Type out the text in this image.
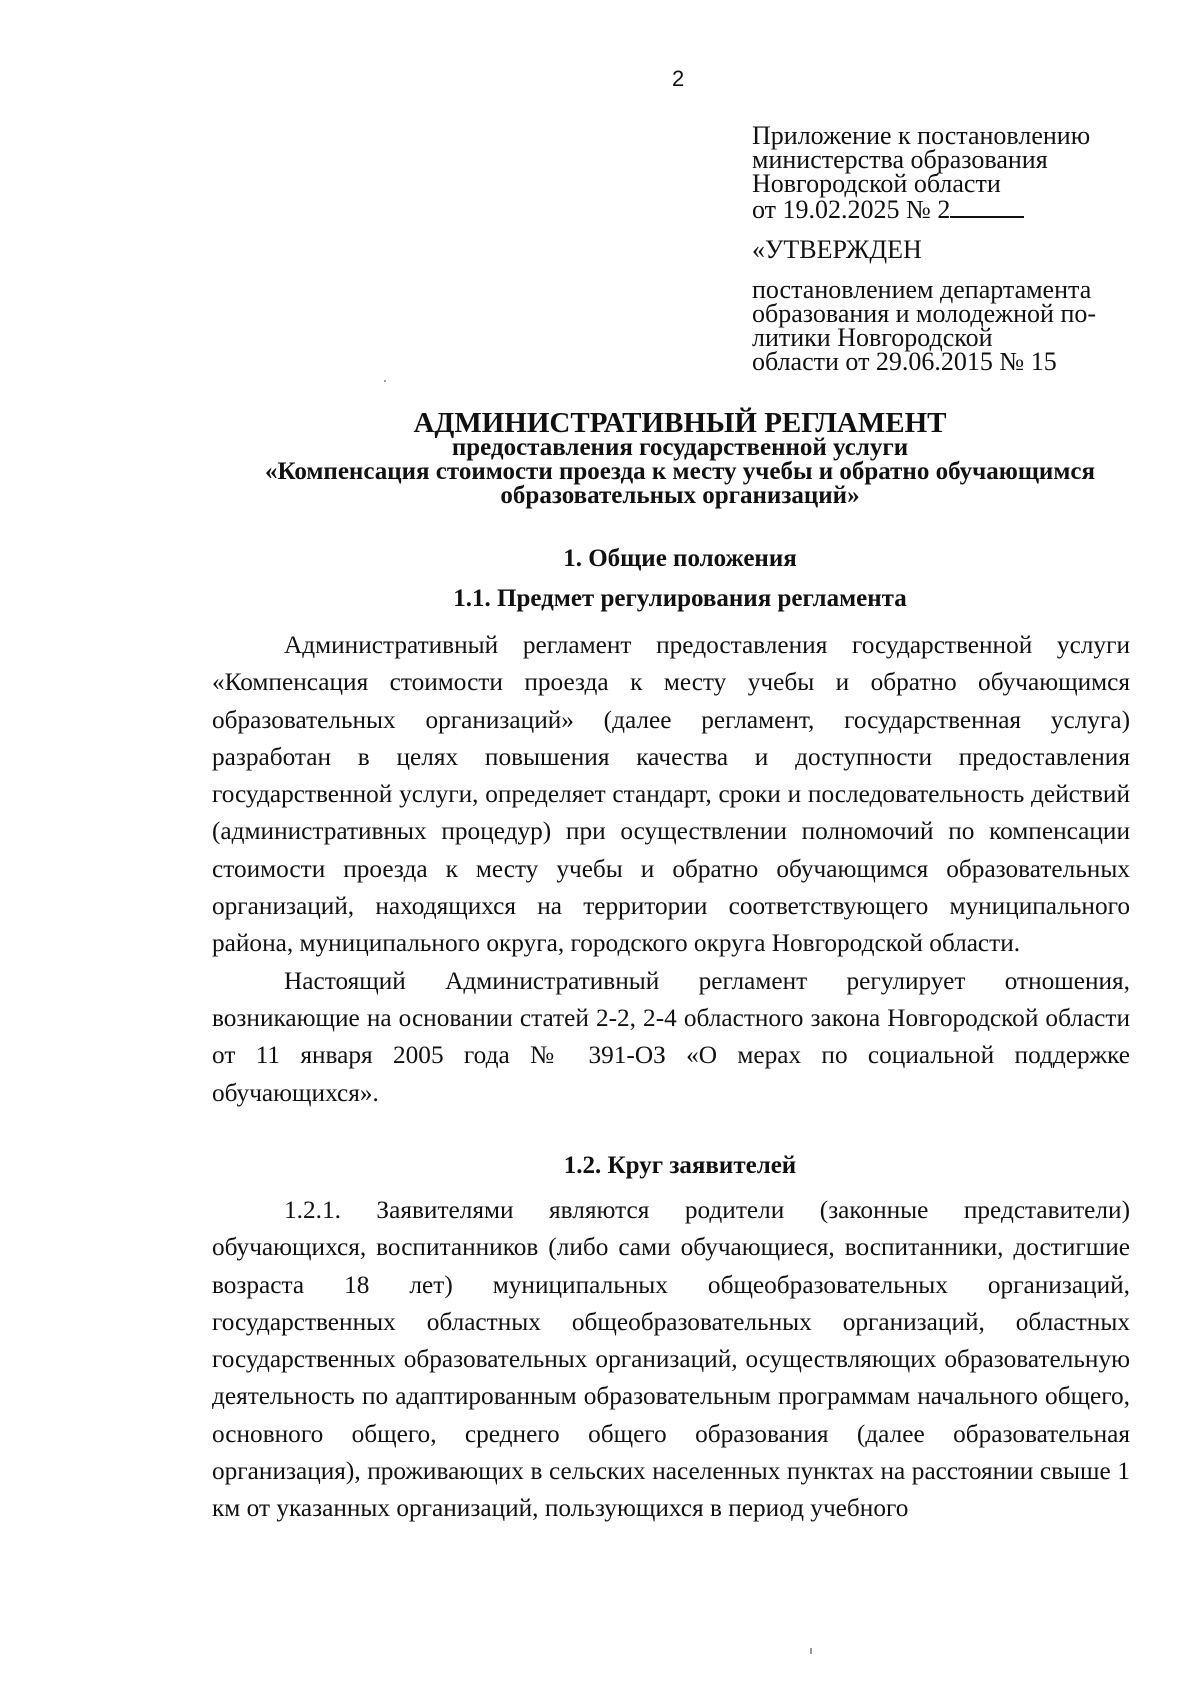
2
Приложение к постановлению
министерства образования
Новгородской области
от 19.02.2025 № 2
«УТВЕРЖДЕН
постановлением департамента
образования и молодежной по-
литики Новгородской
области от 29.06.2015 № 15
АДМИНИСТРАТИВНЫЙ РЕГЛАМЕНТ
предоставления государственной услуги
«Компенсация стоимости проезда к месту учебы и обратно обучающимся
образовательных организаций»
1. Общие положения
1.1. Предмет регулирования регламента

Административный регламент предоставления государственной услуги «Компенсация стоимости проезда к месту учебы и обратно обучающимся образовательных организаций» (далее регламент, государственная услуга) разработан в целях повышения качества и доступности предоставления государственной услуги, определяет стандарт, сроки и последовательность действий (административных процедур) при осуществлении полномочий по компенсации стоимости проезда к месту учебы и обратно обучающимся образовательных организаций, находящихся на территории соответствующего муниципального района, муниципального округа, городского округа Новгородской области.

Настоящий Административный регламент регулирует отношения, возникающие на основании статей 2-2, 2-4 областного закона Новгородской области от 11 января 2005 года № 391-ОЗ «О мерах по социальной поддержке обучающихся».

1.2. Круг заявителей

1.2.1. Заявителями являются родители (законные представители) обучающихся, воспитанников (либо сами обучающиеся, воспитанники, достигшие возраста 18 лет) муниципальных общеобразовательных организаций, государственных областных общеобразовательных организаций, областных государственных образовательных организаций, осуществляющих образовательную деятельность по адаптированным образовательным программам начального общего, основного общего, среднего общего образования (далее образовательная организация), проживающих в сельских населенных пунктах на расстоянии свыше 1 км от указанных организаций, пользующихся в период учебного
